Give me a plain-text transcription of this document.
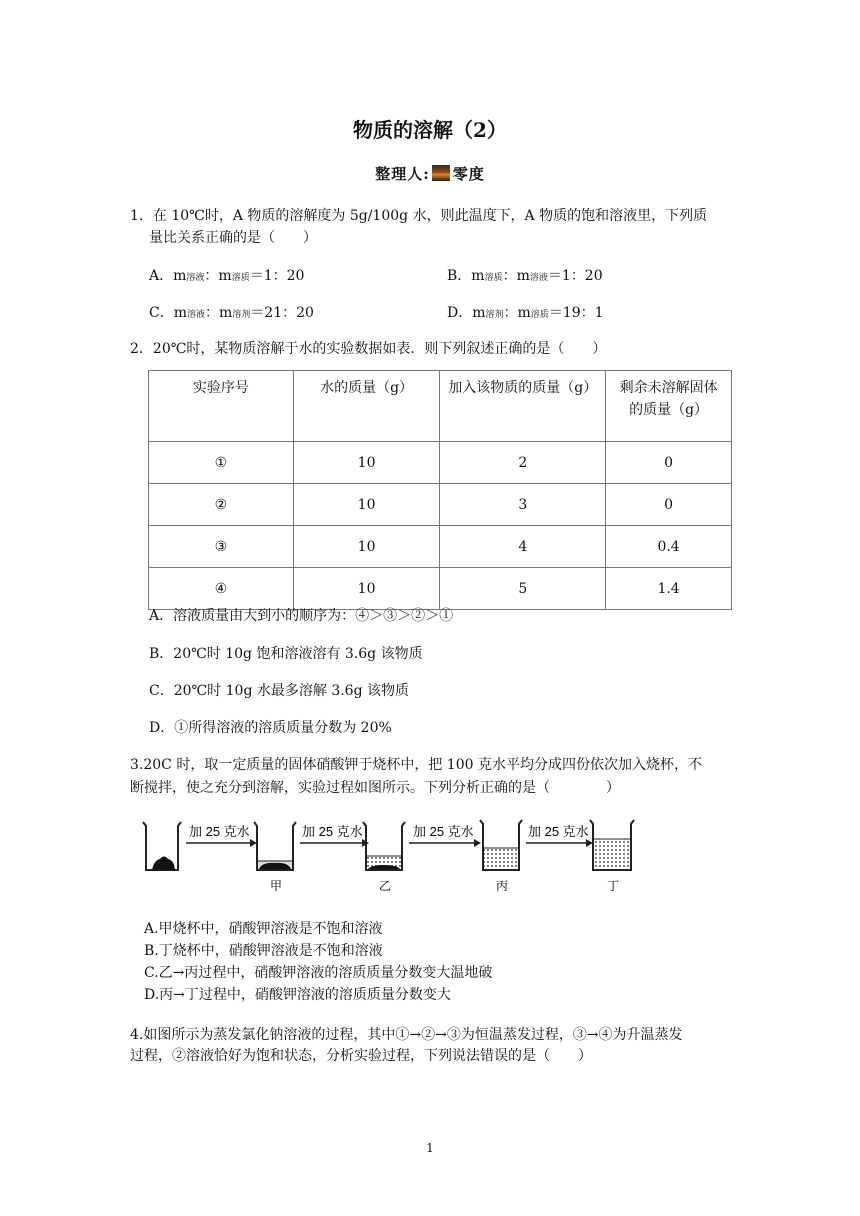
物质的溶解（2）
整理人: 零度
1．在 10℃时，A 物质的溶解度为 5g/100g 水，则此温度下，A 物质的饱和溶液里，下列质
量比关系正确的是（　　）
A．m溶液：m溶质＝1：20	B．m溶质：m溶液＝1：20
C．m溶液：m溶剂＝21：20	D．m溶剂：m溶质＝19：1
2．20℃时，某物质溶解于水的实验数据如表．则下列叙述正确的是（　　）
实验序号	水的质量（g）	加入该物质的质量（g）	剩余未溶解固体
的质量（g）
①	10	2	0
②	10	3	0
③	10	4	0.4
④	10	5	1.4
A．溶液质量由大到小的顺序为：④＞③＞②＞①
B．20℃时 10g 饱和溶液溶有 3.6g 该物质
C．20℃时 10g 水最多溶解 3.6g 该物质
D．①所得溶液的溶质质量分数为 20%
3.20C 时，取一定质量的固体硝酸钾于烧杯中，把 100 克水平均分成四份依次加入烧杯，不
断搅拌，使之充分到溶解，实验过程如图所示。下列分析正确的是（　　　　）
加 25 克水
甲
加 25 克水
乙
加 25 克水
丙
加 25 克水
丁
A.甲烧杯中，硝酸钾溶液是不饱和溶液
B.丁烧杯中，硝酸钾溶液是不饱和溶液
C.乙→丙过程中，硝酸钾溶液的溶质质量分数变大温地破
D.丙→丁过程中，硝酸钾溶液的溶质质量分数变大
4.如图所示为蒸发氯化钠溶液的过程，其中①→②→③为恒温蒸发过程，③→④为升温蒸发
过程，②溶液恰好为饱和状态，分析实验过程，下列说法错误的是（　　）
1
